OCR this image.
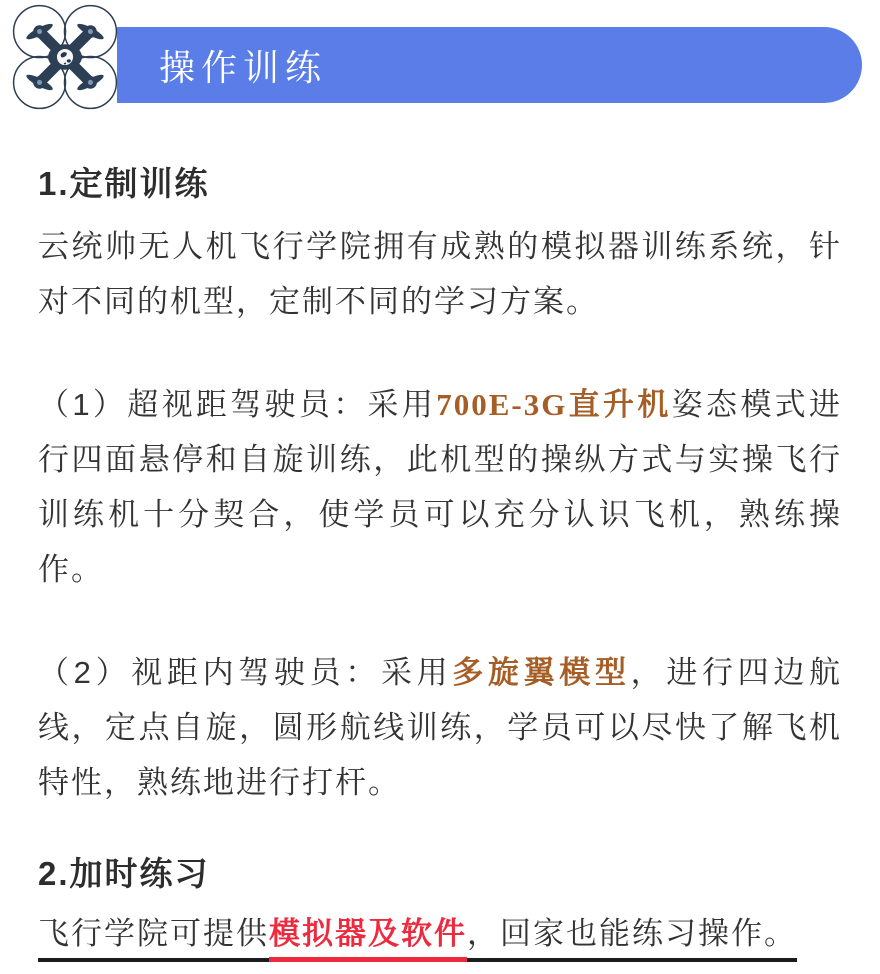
操作训练
1.定制训练

云统帅无人机飞行学院拥有成熟的模拟器训练系统，针对不同的机型，定制不同的学习方案。

（1）超视距驾驶员：采用700E-3G直升机姿态模式进行四面悬停和自旋训练，此机型的操纵方式与实操飞行训练机十分契合，使学员可以充分认识飞机，熟练操作。

（2）视距内驾驶员：采用多旋翼模型，进行四边航线，定点自旋，圆形航线训练，学员可以尽快了解飞机特性，熟练地进行打杆。

2.加时练习

飞行学院可提供模拟器及软件，回家也能练习操作。
